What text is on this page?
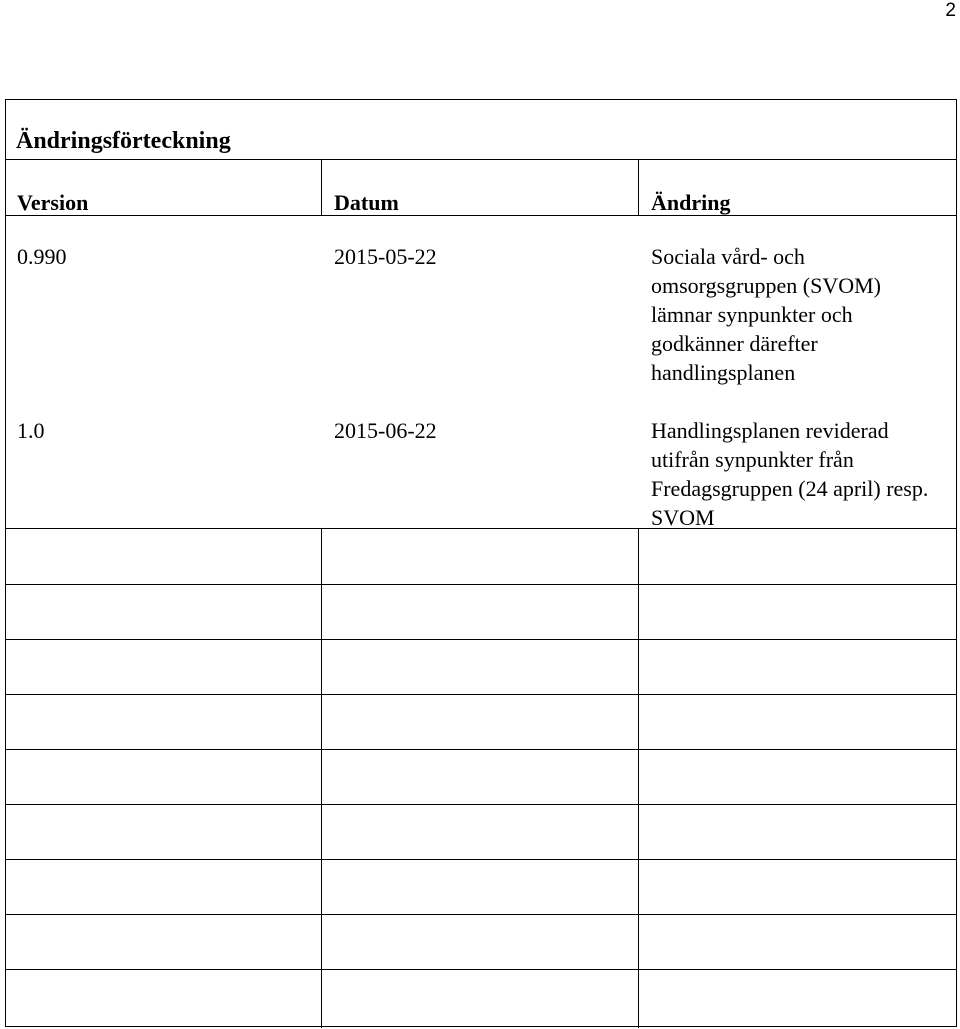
2
Ändringsförteckning
Version	Datum	Ändring
0.990	2015-05-22	Sociala vård- och omsorgsgruppen (SVOM) lämnar synpunkter och godkänner därefter handlingsplanen
1.0	2015-06-22	Handlingsplanen reviderad utifrån synpunkter från Fredagsgruppen (24 april) resp. SVOM
